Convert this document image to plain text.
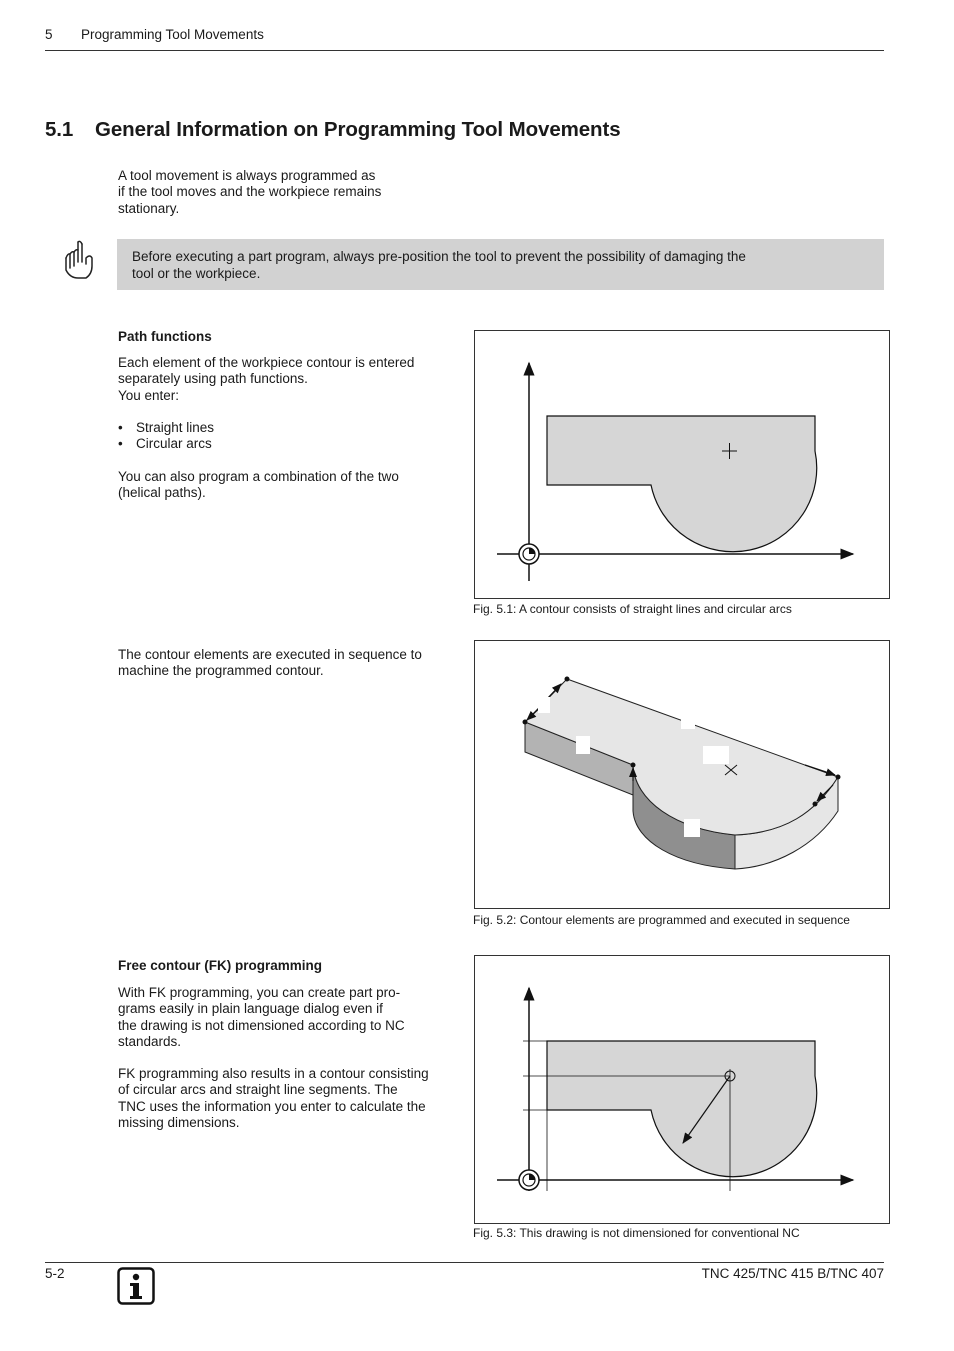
5 Programming Tool Movements
5.1 General Information on Programming Tool Movements
A tool movement is always programmed as
if the tool moves and the workpiece remains
stationary.
Before executing a part program, always pre-position the tool to prevent the possibility of damaging the
tool or the workpiece.
Path functions
Each element of the workpiece contour is entered
separately using path functions.
You enter:
• Straight lines
• Circular arcs
You can also program a combination of the two
(helical paths).
Fig. 5.1: A contour consists of straight lines and circular arcs
The contour elements are executed in sequence to
machine the programmed contour.
Fig. 5.2: Contour elements are programmed and executed in sequence
Free contour (FK) programming
With FK programming, you can create part pro-
grams easily in plain language dialog even if
the drawing is not dimensioned according to NC
standards.
FK programming also results in a contour consisting
of circular arcs and straight line segments. The
TNC uses the information you enter to calculate the
missing dimensions.
Fig. 5.3: This drawing is not dimensioned for conventional NC
5-2	TNC 425/TNC 415 B/TNC 407
